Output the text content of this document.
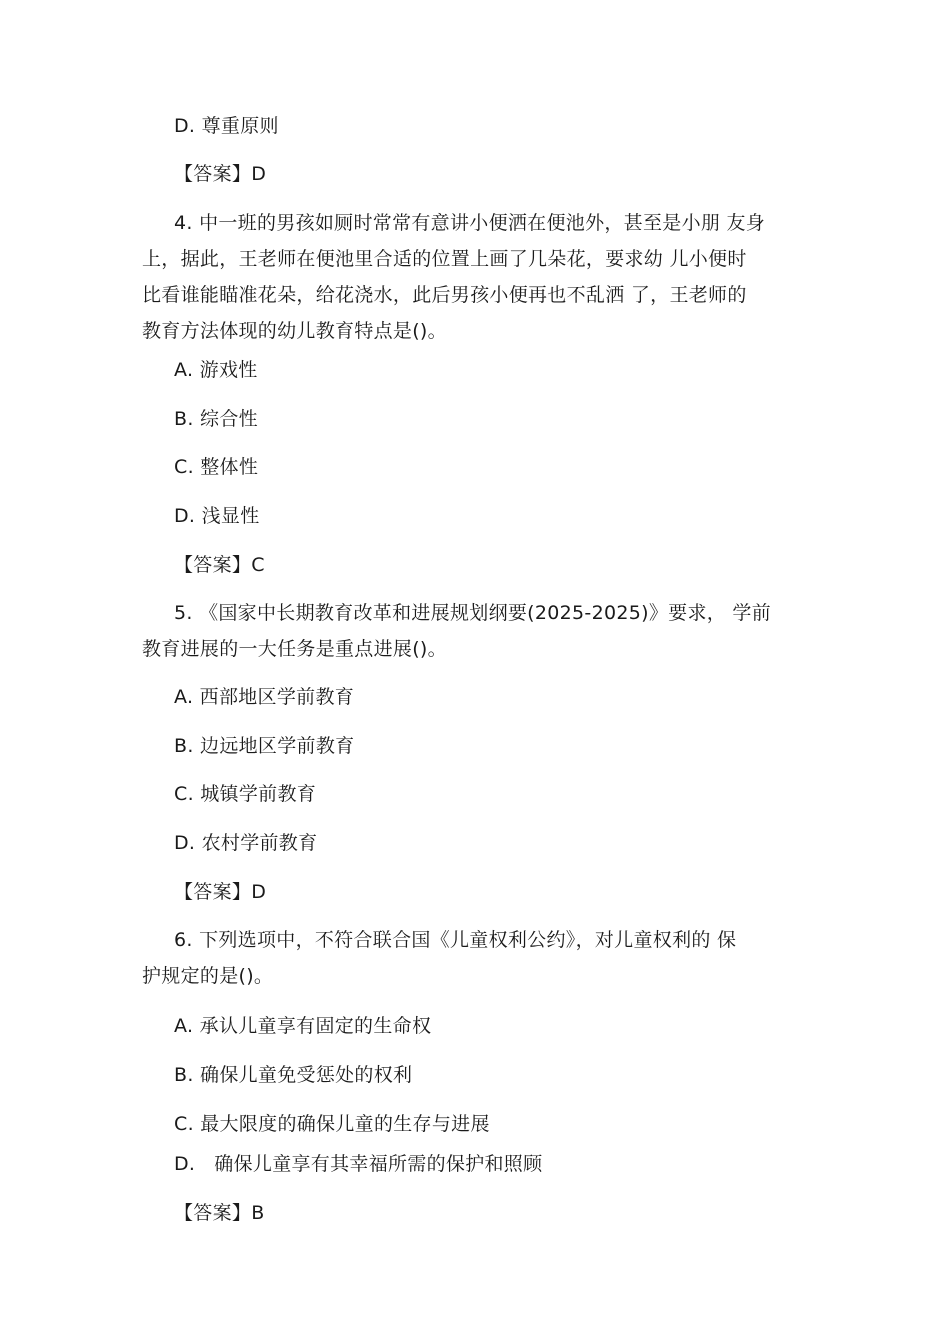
D. 尊重原则
【答案】D
4. 中一班的男孩如厕时常常有意讲小便洒在便池外，甚至是小朋 友身
上，据此，王老师在便池里合适的位置上画了几朵花，要求幼 儿小便时
比看谁能瞄准花朵，给花浇水，此后男孩小便再也不乱洒 了，王老师的
教育方法体现的幼儿教育特点是()。
A. 游戏性
B. 综合性
C. 整体性
D. 浅显性
【答案】C
5. 《国家中长期教育改革和进展规划纲要(2025-2025)》要求， 学前
教育进展的一大任务是重点进展()。
A. 西部地区学前教育
B. 边远地区学前教育
C. 城镇学前教育
D. 农村学前教育
【答案】D
6. 下列选项中，不符合联合国《儿童权利公约》，对儿童权利的 保
护规定的是()。
A. 承认儿童享有固定的生命权
B. 确保儿童免受惩处的权利
C. 最大限度的确保儿童的生存与进展
D.   确保儿童享有其幸福所需的保护和照顾
【答案】B
